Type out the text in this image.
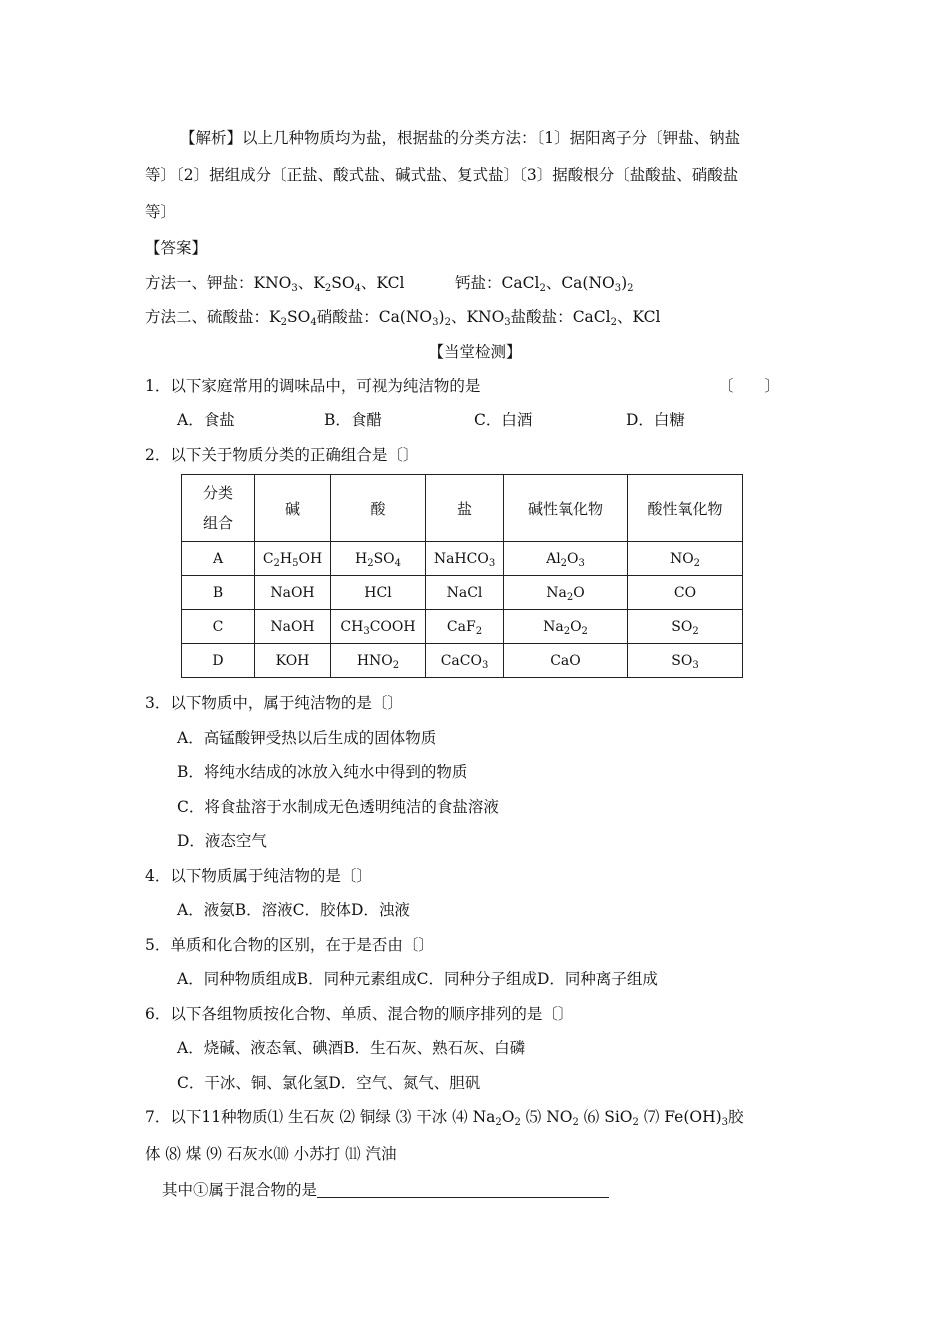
【解析】以上几种物质均为盐，根据盐的分类方法：〔1〕据阳离子分〔钾盐、钠盐
等〕〔2〕据组成分〔正盐、酸式盐、碱式盐、复式盐〕〔3〕据酸根分〔盐酸盐、硝酸盐
等〕
【答案】
方法一、钾盐：$KNO_3$、$K_2SO_4$、KCl	钙盐：CaCl$_2$、$Ca(NO_3)_2$
方法二、硫酸盐：$K_2SO_4$硝酸盐：$Ca(NO_3)_2$、$KNO_3$盐酸盐：CaCl$_2$、KCl
【当堂检测】
1．以下家庭常用的调味品中，可视为纯洁物的是	〔　　〕
A．食盐	B．食醋	C．白酒	D．白糖
2．以下关于物质分类的正确组合是〔〕
分类
组合	碱	酸	盐	碱性氧化物	酸性氧化物
A	$C_2H_5OH$	$H_2SO_4$	NaHCO$_3$	$Al_2O_3$	$NO_2$
B	NaOH	HCl	NaCl	$Na_2O$	CO
C	NaOH	$CH_3COOH$	CaF$_2$	$Na_2O_2$	$SO_2$
D	KOH	$HNO_2$	CaCO$_3$	CaO	$SO_3$
3．以下物质中，属于纯洁物的是〔〕
A．高锰酸钾受热以后生成的固体物质
B．将纯水结成的冰放入纯水中得到的物质
C．将食盐溶于水制成无色透明纯洁的食盐溶液
D．液态空气
4．以下物质属于纯洁物的是〔〕
A．液氨B．溶液C．胶体D．浊液
5．单质和化合物的区别，在于是否由〔〕
A．同种物质组成B．同种元素组成C．同种分子组成D．同种离子组成
6．以下各组物质按化合物、单质、混合物的顺序排列的是〔〕
A．烧碱、液态氧、碘酒B．生石灰、熟石灰、白磷
C．干冰、铜、氯化氢D．空气、氮气、胆矾
7．以下11种物质⑴ 生石灰 ⑵ 铜绿 ⑶ 干冰 ⑷ $Na_2O_2$ ⑸ $NO_2$ ⑹ SiO$_2$ ⑺ $Fe(OH)_3$胶
体 ⑻ 煤 ⑼ 石灰水⑽ 小苏打 ⑾ 汽油
其中①属于混合物的是
